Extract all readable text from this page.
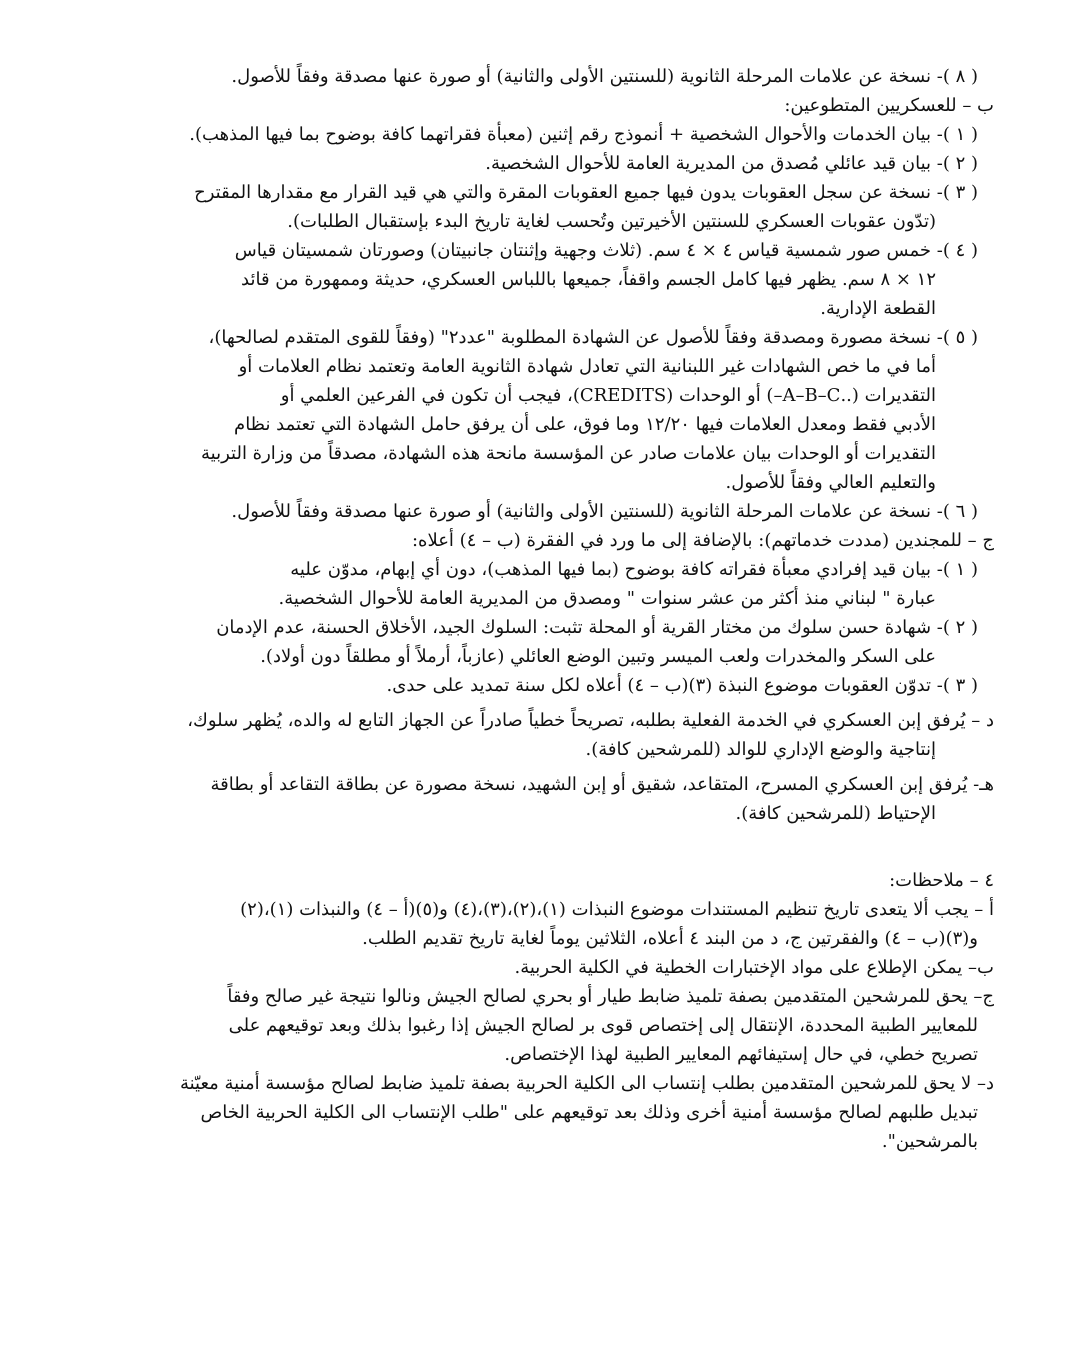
( ٨ )- نسخة عن علامات المرحلة الثانوية (للسنتين الأولى والثانية) أو صورة عنها مصدقة وفقاً للأصول.

ب – للعسكريين المتطوعين:

( ١ )- بيان الخدمات والأحوال الشخصية + أنموذج رقم إثنين (معبأة فقراتهما كافة بوضوح بما فيها المذهب).

( ٢ )- بيان قيد عائلي مُصدق من المديرية العامة للأحوال الشخصية.

( ٣ )- نسخة عن سجل العقوبات يدون فيها جميع العقوبات المقرة والتي هي قيد القرار مع مقدارها المقترح

(تدّون عقوبات العسكري للسنتين الأخيرتين وتُحسب لغاية تاريخ البدء بإستقبال الطلبات).

( ٤ )- خمس صور شمسية قياس ٤ × ٤ سم. (ثلاث وجهية وإثنتان جانبيتان) وصورتان شمسيتان قياس

١٢ × ٨ سم. يظهر فيها كامل الجسم واقفاً، جميعها باللباس العسكري، حديثة وممهورة من قائد

القطعة الإدارية.

( ٥ )- نسخة مصورة ومصدقة وفقاً للأصول عن الشهادة المطلوبة "عدد٢" (وفقاً للقوى المتقدم لصالحها)،

أما في ما خص الشهادات غير اللبنانية التي تعادل شهادة الثانوية العامة وتعتمد نظام العلامات أو

التقديرات (..A–B–C–) أو الوحدات (CREDITS)، فيجب أن تكون في الفرعين العلمي أو

الأدبي فقط ومعدل العلامات فيها ١٢/٢٠ وما فوق، على أن يرفق حامل الشهادة التي تعتمد نظام

التقديرات أو الوحدات بيان علامات صادر عن المؤسسة مانحة هذه الشهادة، مصدقاً من وزارة التربية

والتعليم العالي وفقاً للأصول.

( ٦ )- نسخة عن علامات المرحلة الثانوية (للسنتين الأولى والثانية) أو صورة عنها مصدقة وفقاً للأصول.

ج – للمجندين (مددت خدماتهم): بالإضافة إلى ما ورد في الفقرة (ب – ٤) أعلاه:

( ١ )- بيان قيد إفرادي معبأة فقراته كافة بوضوح (بما فيها المذهب)، دون أي إبهام، مدوّن عليه

عبارة " لبناني منذ أكثر من عشر سنوات " ومصدق من المديرية العامة للأحوال الشخصية.

( ٢ )- شهادة حسن سلوك من مختار القرية أو المحلة تثبت: السلوك الجيد، الأخلاق الحسنة، عدم الإدمان

على السكر والمخدرات ولعب الميسر وتبين الوضع العائلي (عازباً، أرملاً أو مطلقاً دون أولاد).

( ٣ )- تدوّن العقوبات موضوع النبذة (٣)(ب – ٤) أعلاه لكل سنة تمديد على حدى.

د – يُرفق إبن العسكري في الخدمة الفعلية بطلبه، تصريحاً خطياً صادراً عن الجهاز التابع له والده، يُظهر سلوك،

إنتاجية والوضع الإداري للوالد (للمرشحين كافة).

هـ- يُرفق إبن العسكري المسرح، المتقاعد، شقيق أو إبن الشهيد، نسخة مصورة عن بطاقة التقاعد أو بطاقة

الإحتياط (للمرشحين كافة).

٤ – ملاحظات:

أ – يجب ألا يتعدى تاريخ تنظيم المستندات موضوع النبذات (١)،(٢)،(٣)،(٤) و(٥)(أ – ٤) والنبذات (١)،(٢)

و(٣)(ب – ٤) والفقرتين ج، د من البند ٤ أعلاه، الثلاثين يوماً لغاية تاريخ تقديم الطلب.

ب– يمكن الإطلاع على مواد الإختبارات الخطية في الكلية الحربية.

ج– يحق للمرشحين المتقدمين بصفة تلميذ ضابط طيار أو بحري لصالح الجيش ونالوا نتيجة غير صالح وفقاً

للمعايير الطبية المحددة، الإنتقال إلى إختصاص قوى بر لصالح الجيش إذا رغبوا بذلك وبعد توقيعهم على

تصريح خطي، في حال إستيفائهم المعايير الطبية لهذا الإختصاص.

د– لا يحق للمرشحين المتقدمين بطلب إنتساب الى الكلية الحربية بصفة تلميذ ضابط لصالح مؤسسة أمنية معيّنة

تبديل طلبهم لصالح مؤسسة أمنية أخرى وذلك بعد توقيعهم على "طلب الإنتساب الى الكلية الحربية الخاص

بالمرشحين".
